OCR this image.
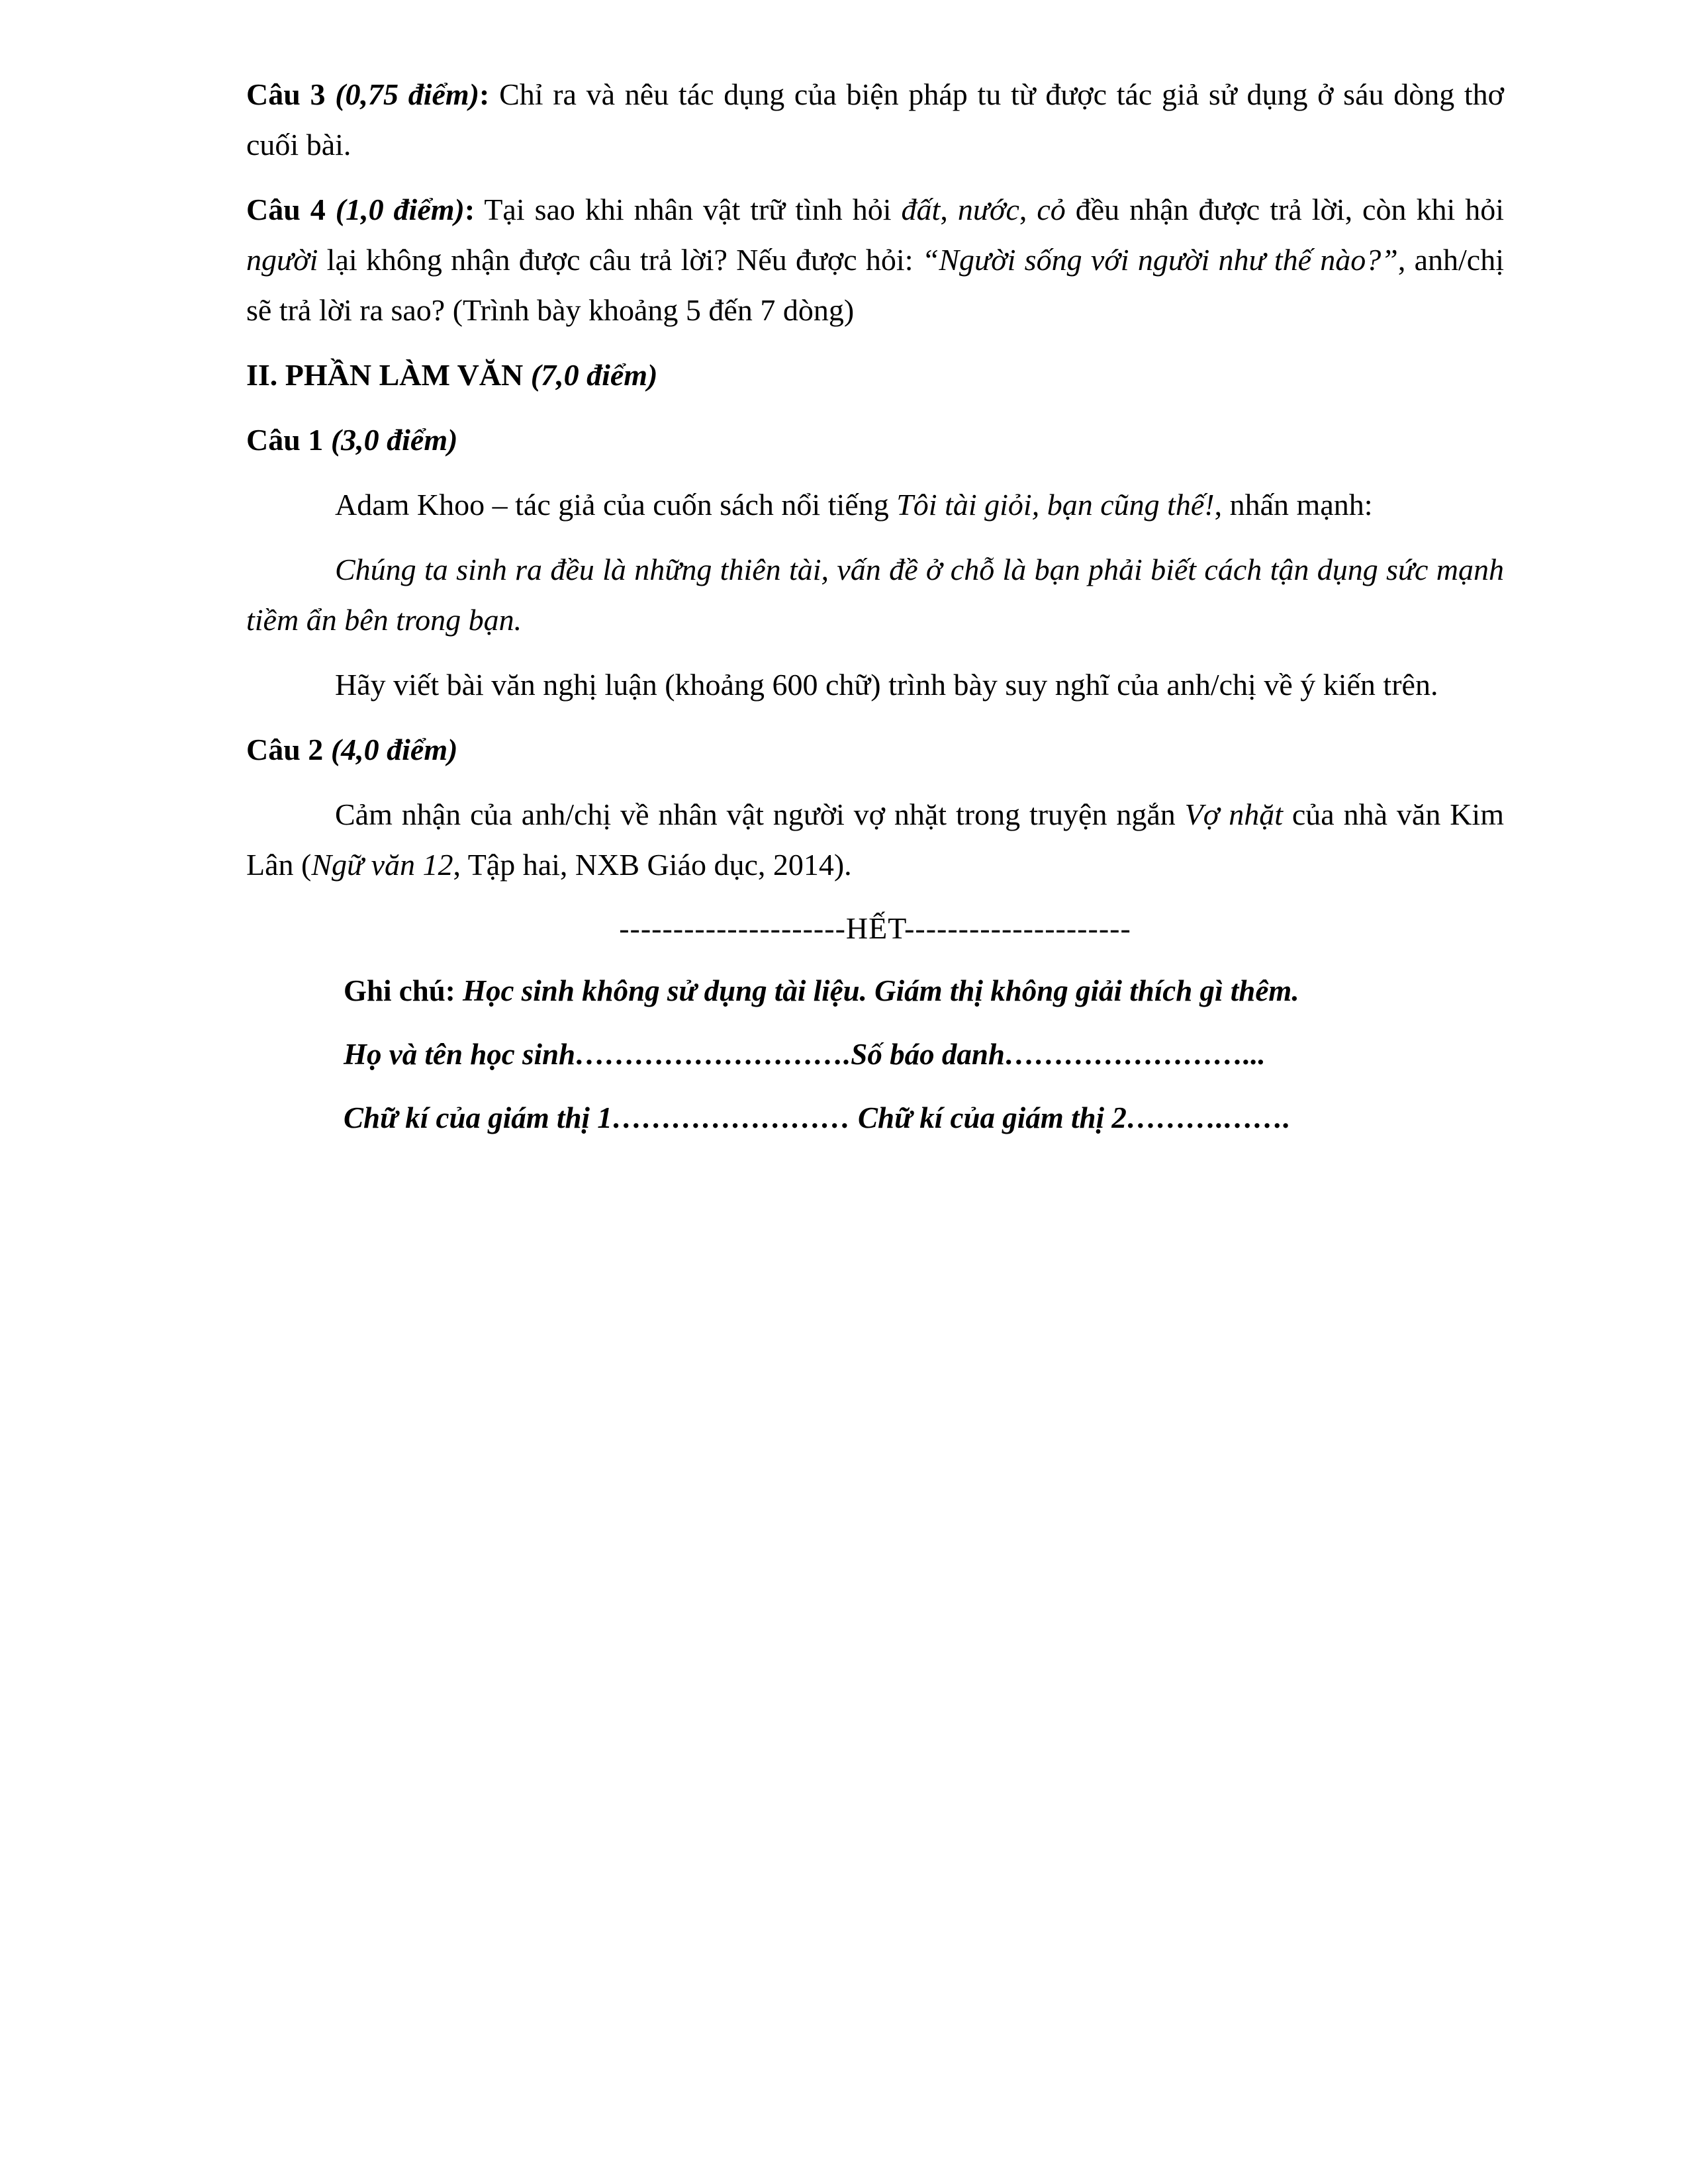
Câu 3 (0,75 điểm): Chỉ ra và nêu tác dụng của biện pháp tu từ được tác giả sử dụng ở sáu dòng thơ cuối bài.

Câu 4 (1,0 điểm): Tại sao khi nhân vật trữ tình hỏi đất, nước, cỏ đều nhận được trả lời, còn khi hỏi người lại không nhận được câu trả lời? Nếu được hỏi: “Người sống với người như thế nào?”, anh/chị sẽ trả lời ra sao? (Trình bày khoảng 5 đến 7 dòng)

II. PHẦN LÀM VĂN (7,0 điểm)

Câu 1 (3,0 điểm)

Adam Khoo – tác giả của cuốn sách nổi tiếng Tôi tài giỏi, bạn cũng thế!, nhấn mạnh:

Chúng ta sinh ra đều là những thiên tài, vấn đề ở chỗ là bạn phải biết cách tận dụng sức mạnh tiềm ẩn bên trong bạn.

Hãy viết bài văn nghị luận (khoảng 600 chữ) trình bày suy nghĩ của anh/chị về ý kiến trên.

Câu 2 (4,0 điểm)

Cảm nhận của anh/chị về nhân vật người vợ nhặt trong truyện ngắn Vợ nhặt của nhà văn Kim Lân (Ngữ văn 12, Tập hai, NXB Giáo dục, 2014).

---------------------HẾT---------------------

Ghi chú: Học sinh không sử dụng tài liệu. Giám thị không giải thích gì thêm.

Họ và tên học sinh……………………….Số báo danh……………………...

Chữ kí của giám thị 1…………………… Chữ kí của giám thị 2……….…….
